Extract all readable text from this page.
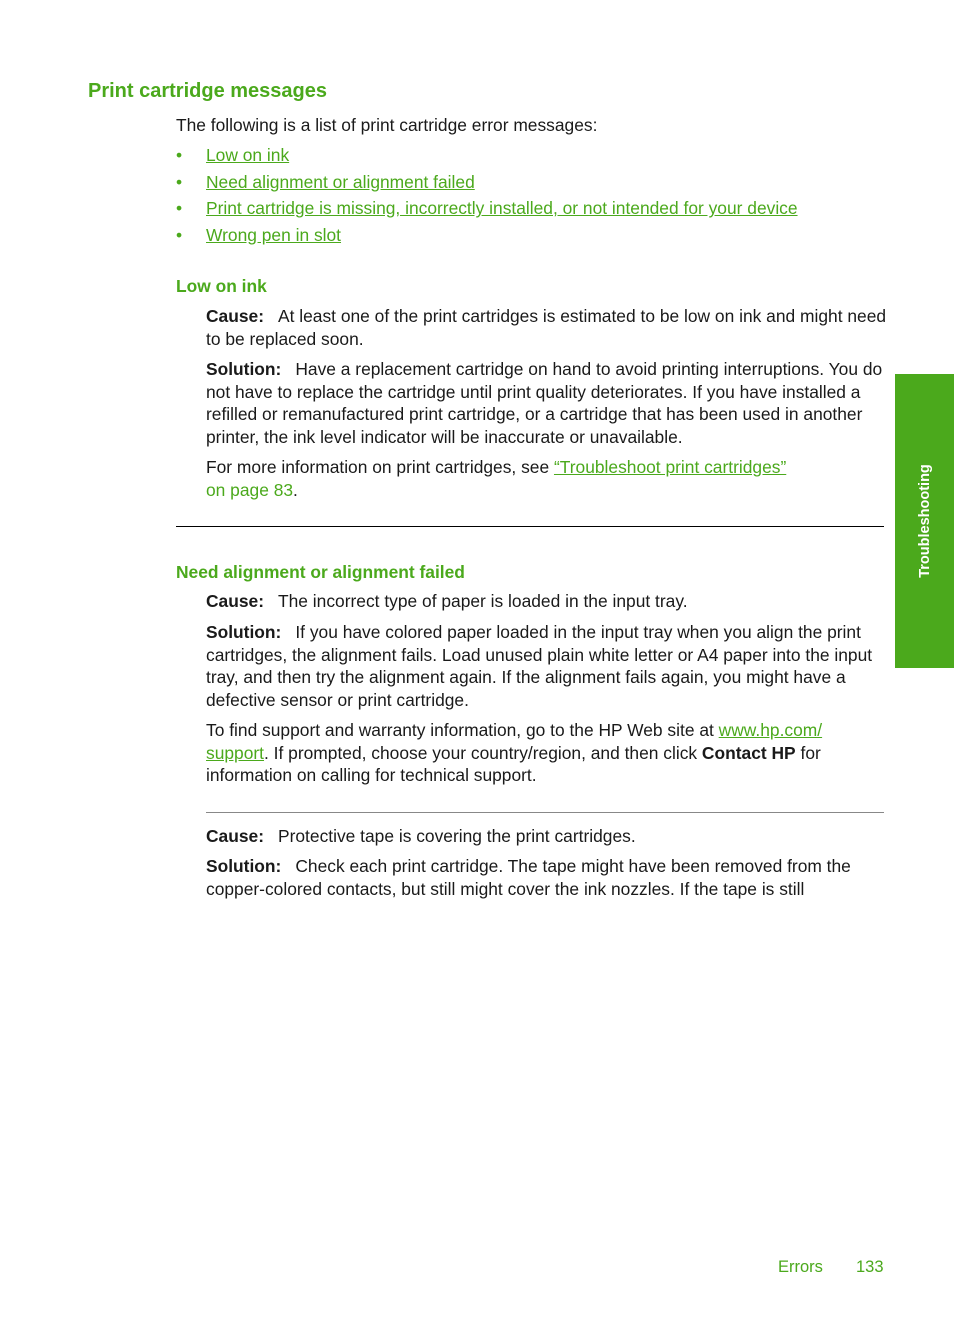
Print cartridge messages

The following is a list of print cartridge error messages:

• Low on ink
• Need alignment or alignment failed
• Print cartridge is missing, incorrectly installed, or not intended for your device
• Wrong pen in slot
Low on ink

Cause: At least one of the print cartridges is estimated to be low on ink and might need to be replaced soon.

Solution: Have a replacement cartridge on hand to avoid printing interruptions. You do not have to replace the cartridge until print quality deteriorates. If you have installed a refilled or remanufactured print cartridge, or a cartridge that has been used in another printer, the ink level indicator will be inaccurate or unavailable.

For more information on print cartridges, see “Troubleshoot print cartridges”
on page 83.

Need alignment or alignment failed

Cause: The incorrect type of paper is loaded in the input tray.

Solution: If you have colored paper loaded in the input tray when you align the print cartridges, the alignment fails. Load unused plain white letter or A4 paper into the input tray, and then try the alignment again. If the alignment fails again, you might have a defective sensor or print cartridge.

To find support and warranty information, go to the HP Web site at www.hp.com/
support. If prompted, choose your country/region, and then click Contact HP for
information on calling for technical support.

Cause: Protective tape is covering the print cartridges.

Solution: Check each print cartridge. The tape might have been removed from the copper-colored contacts, but still might cover the ink nozzles. If the tape is still

Troubleshooting
Errors 133
